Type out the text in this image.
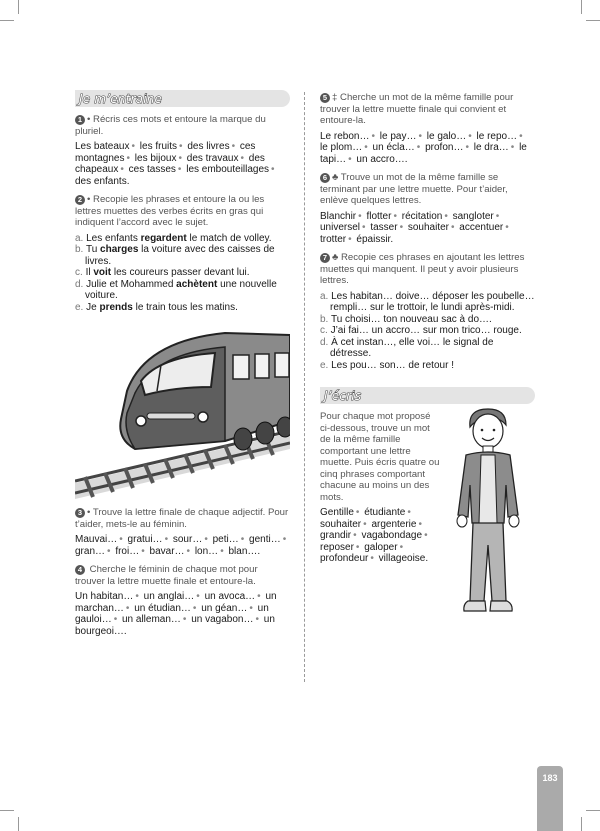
Je m’entraine

1 • Récris ces mots et entoure la marque du pluriel.

Les bateaux • les fruits • des livres • ces montagnes • les bijoux • des travaux • des chapeaux • ces tasses • les embouteillages • des enfants.

2 • Recopie les phrases et entoure la ou les lettres muettes des verbes écrits en gras qui indiquent l’accord avec le sujet.

a. Les enfants regardent le match de volley.
b. Tu charges la voiture avec des caisses de livres.
c. Il voit les coureurs passer devant lui.
d. Julie et Mohammed achètent une nouvelle voiture.
e. Je prends le train tous les matins.

3 • Trouve la lettre finale de chaque adjectif. Pour t’aider, mets-le au féminin.

Mauvai… • gratui… • sour… • peti… • genti… • gran… • froi… • bavar… • lon… • blan….

4 Cherche le féminin de chaque mot pour trouver la lettre muette finale et entoure-la.

Un habitan… • un anglai… • un avoca… • un marchan… • un étudian… • un géan… • un gauloi… • un alleman… • un vagabon… • un bourgeoi….

5 ‡ Cherche un mot de la même famille pour trouver la lettre muette finale qui convient et entoure-la.

Le rebon… • le pay… • le galo… • le repo… • le plom… • un écla… • profon… • le dra… • le tapi… • un accro….

6 ♣ Trouve un mot de la même famille se terminant par une lettre muette. Pour t’aider, enlève quelques lettres.

Blanchir • flotter • récitation • sangloter • universel • tasser • souhaiter • accentuer • trotter • épaissir.

7 ♣ Recopie ces phrases en ajoutant les lettres muettes qui manquent. Il peut y avoir plusieurs lettres.

a. Les habitan… doive… déposer les poubelle… rempli… sur le trottoir, le lundi après-midi.
b. Tu choisi… ton nouveau sac à do….
c. J’ai fai… un accro… sur mon trico… rouge.
d. À cet instan…, elle voi… le signal de détresse.
e. Les pou… son… de retour !
J’écris

Pour chaque mot proposé ci-dessous, trouve un mot de la même famille comportant une lettre muette. Puis écris quatre ou cinq phrases comportant chacune au moins un des mots.

Gentille • étudiante • souhaiter • argenterie • grandir • vagabondage • reposer • galoper • profondeur • villageoise.

183
